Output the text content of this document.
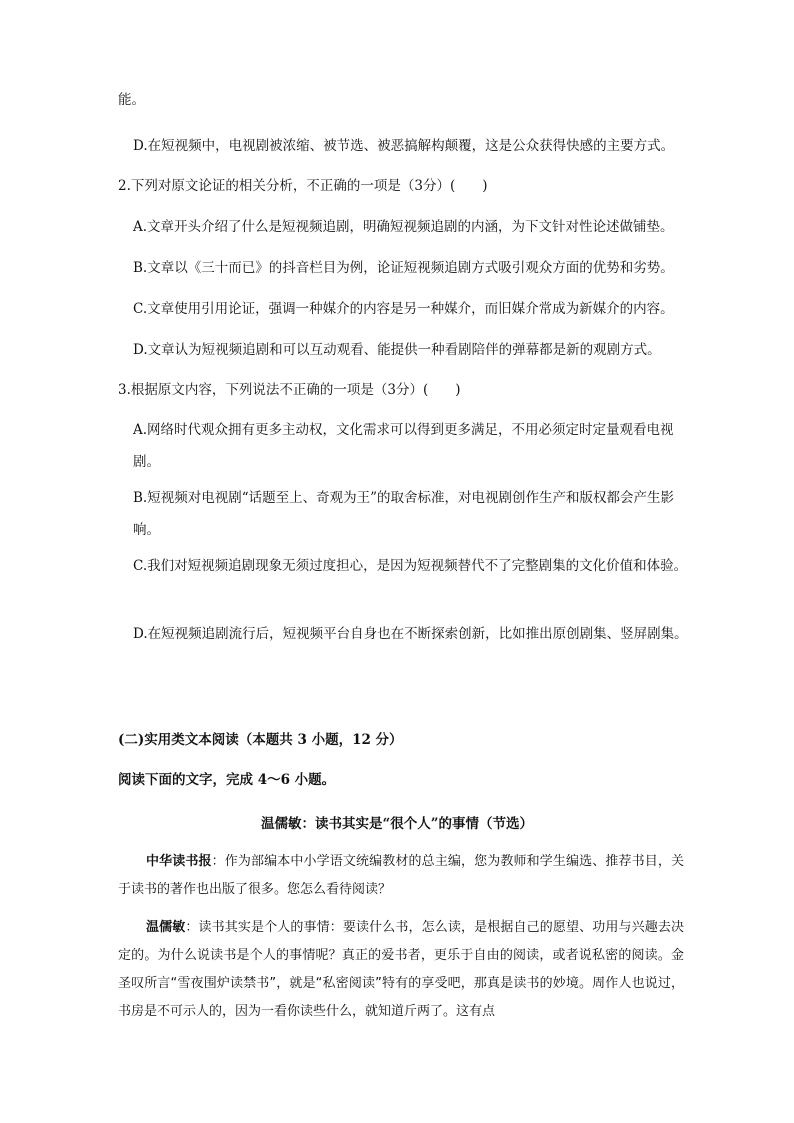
能。
D.在短视频中，电视剧被浓缩、被节选、被恶搞解构颠覆，这是公众获得快感的主要方式。
2.下列对原文论证的相关分析，不正确的一项是（3分）(　　)
A.文章开头介绍了什么是短视频追剧，明确短视频追剧的内涵，为下文针对性论述做铺垫。
B.文章以《三十而已》的抖音栏目为例，论证短视频追剧方式吸引观众方面的优势和劣势。
C.文章使用引用论证，强调一种媒介的内容是另一种媒介，而旧媒介常成为新媒介的内容。
D.文章认为短视频追剧和可以互动观看、能提供一种看剧陪伴的弹幕都是新的观剧方式。
3.根据原文内容，下列说法不正确的一项是（3分）(　　)
A.网络时代观众拥有更多主动权，文化需求可以得到更多满足，不用必须定时定量观看电视剧。
B.短视频对电视剧“话题至上、奇观为王”的取舍标准，对电视剧创作生产和版权都会产生影响。
C.我们对短视频追剧现象无须过度担心，是因为短视频替代不了完整剧集的文化价值和体验。
D.在短视频追剧流行后，短视频平台自身也在不断探索创新，比如推出原创剧集、竖屏剧集。
(二)实用类文本阅读（本题共 3 小题，12 分）
阅读下面的文字，完成 4～6 小题。
温儒敏：读书其实是“很个人”的事情（节选）
中华读书报：作为部编本中小学语文统编教材的总主编，您为教师和学生编选、推荐书目，关于读书的著作也出版了很多。您怎么看待阅读？
温儒敏：读书其实是个人的事情：要读什么书，怎么读，是根据自己的愿望、功用与兴趣去决定的。为什么说读书是个人的事情呢？真正的爱书者，更乐于自由的阅读，或者说私密的阅读。金圣叹所言“雪夜围炉读禁书”，就是“私密阅读”特有的享受吧，那真是读书的妙境。周作人也说过，书房是不可示人的，因为一看你读些什么，就知道斤两了。这有点
